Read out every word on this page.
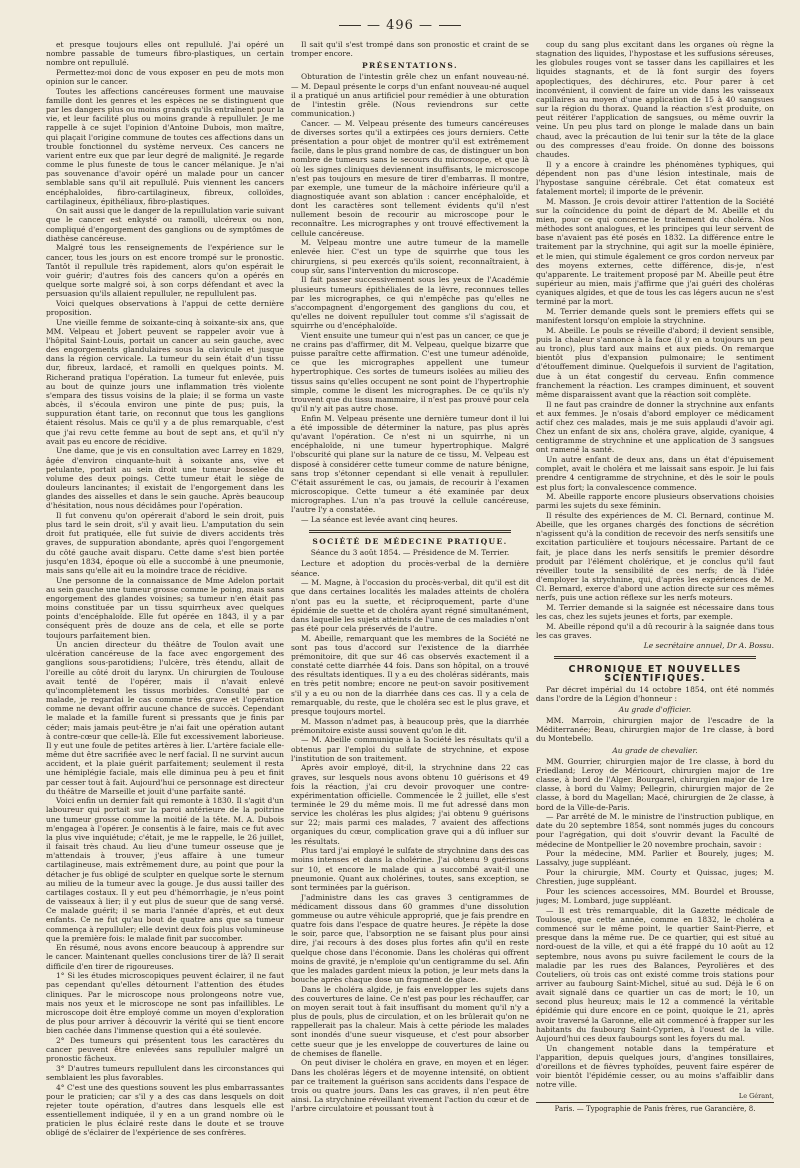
— 496 —

et presque toujours elles ont repullulé. J'ai opéré un nombre passable de tumeurs fibro-plastiques, un certain nombre ont repullulé.

Permettez-moi donc de vous exposer en peu de mots mon opinion sur le cancer.

Toutes les affections cancéreuses forment une mauvaise famille dont les genres et les espèces ne se distinguent que par les dangers plus ou moins grands qu'ils entraînent pour la vie, et leur facilité plus ou moins grande à repulluler. Je me rappelle à ce sujet l'opinion d'Antoine Dubois, mon maître, qui plaçait l'origine commune de toutes ces affections dans un trouble fonctionnel du système nerveux. Ces cancers ne varient entre eux que par leur degré de malignité. Je regarde comme le plus funeste de tous le cancer mélanique. Je n'ai pas souvenance d'avoir opéré un malade pour un cancer semblable sans qu'il ait repullulé. Puis viennent les cancers encéphaloïdes, fibro-cartilagineux, fibreux, colloïdes, cartilagineux, épithéliaux, fibro-plastiques.

On sait aussi que le danger de la repullulation varie suivant que le cancer est enkysté ou ramolli, ulcéreux ou non, compliqué d'engorgement des ganglions ou de symptômes de diathèse cancéreuse.

Malgré tous les renseignements de l'expérience sur le cancer, tous les jours on est encore trompé sur le pronostic. Tantôt il repullule très rapidement, alors qu'on espérait le voir guérir; d'autres fois des cancers qu'on a opérés en quelque sorte malgré soi, à son corps défendant et avec la persuasion qu'ils allaient repulluler, ne repullulent pas.

Voici quelques observations à l'appui de cette dernière proposition.

Une vieille femme de soixante-cinq à soixante-six ans, que MM. Velpeau et Jobert peuvent se rappeler avoir vue à l'hôpital Saint-Louis, portait un cancer au sein gauche, avec des engorgements glandulaires sous la clavicule et jusque dans la région cervicale. La tumeur du sein était d'un tissu dur, fibreux, lardacé, et ramolli en quelques points. M. Richerand pratiqua l'opération. La tumeur fut enlevée, puis au bout de quinze jours une inflammation très violente s'empara des tissus voisins de la plaie; il se forma un vaste abcès, il s'écoula environ une pinte de pus; puis, la suppuration étant tarie, on reconnut que tous les ganglions étaient résolus. Mais ce qu'il y a de plus remarquable, c'est que j'ai revu cette femme au bout de sept ans, et qu'il n'y avait pas eu encore de récidive.

Une dame, que je vis en consultation avec Larrey en 1829, âgée d'environ cinquante-huit à soixante ans, vive et petulante, portait au sein droit une tumeur bosselée du volume des deux poings. Cette tumeur était le siège de douleurs lancinantes; il existait de l'engorgement dans les glandes des aisselles et dans le sein gauche. Après beaucoup d'hésitation, nous nous décidâmes pour l'opération.

Il fut convenu qu'on opérerait d'abord le sein droit, puis plus tard le sein droit, s'il y avait lieu. L'amputation du sein droit fut pratiquée, elle fut suivie de divers accidents très graves, de suppuration abondante, après quoi l'engorgement du côté gauche avait disparu. Cette dame s'est bien portée jusqu'en 1834, époque où elle a succombé à une pneumonie, mais sans qu'elle ait eu la moindre trace de récidive.

Une personne de la connaissance de Mme Adelon portait au sein gauche une tumeur grosse comme le poing, mais sans engorgement des glandes voisines; sa tumeur n'en était pas moins constituée par un tissu squirrheux avec quelques points d'encéphaloïde. Elle fut opérée en 1843, il y a par conséquent près de douze ans de cela, et elle se porte toujours parfaitement bien.

Un ancien directeur du théâtre de Toulon avait une ulcération cancéreuse de la face avec engorgement des ganglions sous-parotidiens; l'ulcère, très étendu, allait de l'oreille au côté droit du larynx. Un chirurgien de Toulouse avait tenté de l'opérer, mais il n'avait enlevé qu'incomplètement les tissus morbides. Consulté par ce malade, je regardai le cas comme très grave et l'opération comme ne devant offrir aucune chance de succès. Cependant le malade et la famille furent si pressants que je finis par céder; mais jamais peut-être je n'ai fait une opération autant à contre-cœur que celle-là. Elle fut excessivement laborieuse. Il y eut une foule de petites artères à lier. L'artère faciale elle-même dut être sacrifiée avec le nerf facial. Il ne survint aucun accident, et la plaie guérit parfaitement; seulement il resta une hémiplégie faciale, mais elle diminua peu à peu et finit par cesser tout à fait. Aujourd'hui ce personnage est directeur du théâtre de Marseille et jouit d'une parfaite santé.

Voici enfin un dernier fait qui remonte à 1830. Il s'agit d'un laboureur qui portait sur la paroi antérieure de la poitrine une tumeur grosse comme la moitié de la tête. M. A. Dubois m'engagea à l'opérer. Je consentis à le faire, mais ce fut avec la plus vive inquiétude; c'était, je me le rappelle, le 26 juillet, il faisait très chaud. Au lieu d'une tumeur osseuse que je m'attendais à trouver, j'eus affaire à une tumeur cartilagineuse, mais extrêmement dure, au point que pour la détacher je fus obligé de sculpter en quelque sorte le sternum au milieu de la tumeur avec la gouge. Je dus aussi tailler des cartilages costaux. Il y eut peu d'hémorrhagie, je n'eus point de vaisseaux à lier; il y eut plus de sueur que de sang versé. Ce malade guérit; il se maria l'année d'après, et eut deux enfants. Ce ne fut qu'au bout de quatre ans que sa tumeur commença à repulluler; elle devint deux fois plus volumineuse que la première fois: le malade finit par succomber.

En résumé, nous avons encore beaucoup à apprendre sur le cancer. Maintenant quelles conclusions tirer de là? Il serait difficile d'en tirer de rigoureuses.

1° Si les études microscopiques peuvent éclairer, il ne faut pas cependant qu'elles détournent l'attention des études cliniques. Par le microscope nous prolongeons notre vue, mais nos yeux et le microscope ne sont pas infaillibles. Le microscope doit être employé comme un moyen d'exploration de plus pour arriver à découvrir la vérité qui se tient encore bien cachée dans l'immense question qui a été soulevée.

2° Des tumeurs qui présentent tous les caractères du cancer peuvent être enlevées sans repulluler malgré un pronostic fâcheux.

3° D'autres tumeurs repullulent dans les circonstances qui semblaient les plus favorables.

4° C'est une des questions souvent les plus embarrassantes pour le praticien; car s'il y a des cas dans lesquels on doit rejeter toute opération, d'autres dans lesquels elle est essentiellement indiquée, il y en a un grand nombre où le praticien le plus éclairé reste dans le doute et se trouve obligé de s'éclairer de l'expérience de ses confrères.

Il sait qu'il s'est trompé dans son pronostic et craint de se tromper encore.

PRÉSENTATIONS.

Obturation de l'intestin grêle chez un enfant nouveau-né. — M. Depaul présente le corps d'un enfant nouveau-né auquel il a pratiqué un anus artificiel pour remédier à une obturation de l'intestin grêle. (Nous reviendrons sur cette communication.)

Cancer. — M. Velpeau présente des tumeurs cancéreuses de diverses sortes qu'il a extirpées ces jours derniers. Cette présentation a pour objet de montrer qu'il est extrêmement facile, dans le plus grand nombre de cas, de distinguer un bon nombre de tumeurs sans le secours du microscope, et que là où les signes cliniques deviennent insuffisants, le microscope n'est pas toujours en mesure de tirer d'embarras. Il montre, par exemple, une tumeur de la mâchoire inférieure qu'il a diagnostiquée avant son ablation : cancer encéphaloïde, et dont les caractères sont tellement évidents qu'il n'est nullement besoin de recourir au microscope pour le reconnaître. Les micrographes y ont trouvé effectivement la cellule cancéreuse.

M. Velpeau montre une autre tumeur de la mamelle enlevée hier. C'est un type de squirrhe que tous les chirurgiens, si peu exercés qu'ils soient, reconnaîtraient, à coup sûr, sans l'intervention du microscope.

Il fait passer successivement sous les yeux de l'Académie plusieurs tumeurs épithéliales de la lèvre, reconnues telles par les micrographes, ce qui n'empêche pas qu'elles ne s'accompagnent d'engorgement des ganglions du cou, et qu'elles ne doivent repulluler tout comme s'il s'agissait de squirrhe ou d'encéphaloïde.

Vient ensuite une tumeur qui n'est pas un cancer, ce que je ne crains pas d'affirmer, dit M. Velpeau, quelque bizarre que puisse paraître cette affirmation. C'est une tumeur adénoïde, ce que les micrographes appellent une tumeur hypertrophique. Ces sortes de tumeurs isolées au milieu des tissus sains qu'elles occupent ne sont point de l'hypertrophie simple, comme le disent les micrographes. De ce qu'ils n'y trouvent que du tissu mammaire, il n'est pas prouvé pour cela qu'il n'y ait pas autre chose.

Enfin M. Velpeau présente une dernière tumeur dont il lui a été impossible de déterminer la nature, pas plus après qu'avant l'opération. Ce n'est ni un squirrhe, ni un encéphaloïde, ni une tumeur hypertrophique. Malgré l'obscurité qui plane sur la nature de ce tissu, M. Velpeau est disposé à considérer cette tumeur comme de nature bénigne, sans trop s'étonner cependant si elle venait à repulluler. C'était assurément le cas, ou jamais, de recourir à l'examen microscopique. Cette tumeur a été examinée par deux micrographes. L'un n'a pas trouvé la cellule cancéreuse, l'autre l'y a constatée.

— La séance est levée avant cinq heures.

SOCIÉTÉ DE MÉDECINE PRATIQUE.

Séance du 3 août 1854. — Présidence de M. Terrier.

Lecture et adoption du procès-verbal de la dernière séance.

— M. Magne, à l'occasion du procès-verbal, dit qu'il est dit que dans certaines localités les malades atteints de choléra n'ont pas eu la suette, et réciproquement, parte d'une épidémie de suette et de choléra ayant régné simultanément, dans laquelle les sujets atteints de l'une de ces maladies n'ont pas été pour cela préservés de l'autre.

M. Abeille, remarquant que les membres de la Société ne sont pas tous d'accord sur l'existence de la diarrhée prémonitoire, dit que sur 46 cas observés exactement il a constaté cette diarrhée 44 fois. Dans son hôpital, on a trouvé des résultats identiques. Il y a eu des choléras sidérants, mais en très petit nombre; encore ne peut-on savoir positivement s'il y a eu ou non de la diarrhée dans ces cas. Il y a cela de remarquable, du reste, que le choléra sec est le plus grave, et presque toujours mortel.

M. Masson n'admet pas, à beaucoup près, que la diarrhée prémonitoire existe aussi souvent qu'on le dit.

— M. Abeille communique à la Société les résultats qu'il a obtenus par l'emploi du sulfate de strychnine, et expose l'institution de son traitement.

Après avoir employé, dit-il, la strychnine dans 22 cas graves, sur lesquels nous avons obtenu 10 guérisons et 49 fois la réaction, j'ai cru devoir provoquer une contre-expérimentation officielle. Commencée le 2 juillet, elle s'est terminée le 29 du même mois. Il me fut adressé dans mon service les choléras les plus algides; j'ai obtenu 9 guérisons sur 22; mais parmi ces malades, 7 avaient des affections organiques du cœur, complication grave qui a dû influer sur les résultats.

Plus tard j'ai employé le sulfate de strychnine dans des cas moins intenses et dans la cholérine. J'ai obtenu 9 guérisons sur 10, et encore le malade qui a succombé avait-il une pneumonie. Quant aux cholérines, toutes, sans exception, se sont terminées par la guérison.

J'administre dans les cas graves 3 centigrammes de médicament dissous dans 60 grammes d'une dissolution gommeuse ou autre véhicule approprié, que je fais prendre en quatre fois dans l'espace de quatre heures. Je répète la dose le soir, parce que, l'absorption ne se faisant plus pour ainsi dire, j'ai recours à des doses plus fortes afin qu'il en reste quelque chose dans l'économie. Dans les choléras qui offrent moins de gravité, je n'emploie qu'un centigramme du sel. Afin que les malades gardent mieux la potion, je leur mets dans la bouche après chaque dose un fragment de glace.

Dans le choléra algide, je fais envelopper les sujets dans des couvertures de laine. Ce n'est pas pour les réchauffer, car on moyen serait tout à fait insuffisant du moment qu'il n'y a plus de pouls, plus de circulation, et on les brûlerait qu'on ne rappellerait pas la chaleur. Mais à cette période les malades sont inondés d'une sueur visqueuse, et c'est pour absorber cette sueur que je les enveloppe de couvertures de laine ou de chemises de flanelle.

On peut diviser le choléra en grave, en moyen et en léger. Dans les choléras légers et de moyenne intensité, on obtient par ce traitement la guérison sans accidents dans l'espace de trois ou quatre jours. Dans les cas graves, il n'en peut être ainsi. La strychnine réveillant vivement l'action du cœur et de l'arbre circulatoire et poussant tout à

coup du sang plus excitant dans les organes où règne la stagnation des liquides, l'hypostase et les suffusions séreuses, les globules rouges vont se tasser dans les capillaires et les liquides stagnants, et de là font surgir des foyers apoplectiques, des déchirures, etc. Pour parer à cet inconvénient, il convient de faire un vide dans les vaisseaux capillaires au moyen d'une application de 15 à 40 sangsues sur la région du thorax. Quand la réaction s'est produite, on peut réitérer l'application de sangsues, ou même ouvrir la veine. Un peu plus tard on plonge le malade dans un bain chaud, avec la précaution de lui tenir sur la tête de la glace ou des compresses d'eau froide. On donne des boissons chaudes.

Il y a encore à craindre les phénomènes typhiques, qui dépendent non pas d'une lésion intestinale, mais de l'hypostase sanguine cérébrale. Cet état comateux est fatalement mortel; il importe de le prévenir.

M. Masson. Je crois devoir attirer l'attention de la Société sur la coïncidence du point de départ de M. Abeille et du mien, pour ce qui concerne le traitement du choléra. Nos méthodes sont analogues, et les principes qui leur servent de base n'avaient pas été posés en 1832. La différence entre le traitement par la strychnine, qui agit sur la moelle épinière, et le mien, qui stimule également ce gros cordon nerveux par des moyens externes, cette différence, dis-je, n'est qu'apparente. Le traitement proposé par M. Abeille peut être supérieur au mien, mais j'affirme que j'ai guéri des choléras cyaniques algides, et que de tous les cas légers aucun ne s'est terminé par la mort.

M. Terrier demande quels sont le premiers effets qui se manifestent lorsqu'on emploie la strychnine.

M. Abeille. Le pouls se réveille d'abord; il devient sensible, puis la chaleur s'annonce à la face (il y en a toujours un peu au tronc), plus tard aux mains et aux pieds. On remarque bientôt plus d'expansion pulmonaire; le sentiment d'étouffement diminue. Quelquefois il survient de l'agitation, due à un état congestif du cerveau. Enfin commence franchement la réaction. Les crampes diminuent, et souvent même disparaissent avant que la réaction soit complète.

Il ne faut pas craindre de donner la strychnine aux enfants et aux femmes. Je n'osais d'abord employer ce médicament actif chez ces malades, mais je me suis applaudi d'avoir agi. Chez un enfant de six ans, choléra grave, algide, cyanique, 4 centigramme de strychnine et une application de 3 sangsues ont ramené la santé.

Un autre enfant de deux ans, dans un état d'épuisement complet, avait le choléra et me laissait sans espoir. Je lui fais prendre 4 centigramme de strychnine, et dès le soir le pouls est plus fort; la convalescence commence.

M. Abeille rapporte encore plusieurs observations choisies parmi les sujets du sexe féminin.

Il résulte des expériences de M. Cl. Bernard, continue M. Abeille, que les organes chargés des fonctions de sécrétion n'agissent qu'à la condition de recevoir des nerfs sensitifs une excitation particulière et toujours nécessaire. Partant de ce fait, je place dans les nerfs sensitifs le premier désordre produit par l'élément cholérique, et je conclus qu'il faut réveiller toute la sensibilité de ces nerfs; de là l'idée d'employer la strychnine, qui, d'après les expériences de M. Cl. Bernard, exerce d'abord une action directe sur ces mêmes nerfs, puis une action réflexe sur les nerfs moteurs.

M. Terrier demande si la saignée est nécessaire dans tous les cas, chez les sujets jeunes et forts, par exemple.

M. Abeille répond qu'il a dû recourir à la saignée dans tous les cas graves.

Le secrétaire annuel, Dr A. Bossu.

CHRONIQUE ET NOUVELLES SCIENTIFIQUES.

Par décret impérial du 14 octobre 1854, ont été nommés dans l'ordre de la Légion d'honneur :

Au grade d'officier.

MM. Marroin, chirurgien major de l'escadre de la Méditerranée; Beau, chirurgien major de 1re classe, à bord du Montebello.

Au grade de chevalier.

MM. Gourrier, chirurgien major de 1re classe, à bord du Friedland; Leroy de Méricourt, chirurgien major de 1re classe, à bord de l'Alger. Bourgarel, chirurgien major de 1re classe, à bord du Valmy; Pellegrin, chirurgien major de 2e classe, à bord du Magellan; Macé, chirurgien de 2e classe, à bord de la Ville-de-Paris.

— Par arrêté de M. le ministre de l'instruction publique, en date du 20 septembre 1854, sont nommés juges du concours pour l'agrégation, qui doit s'ouvrir devant la Faculté de médecine de Montpellier le 20 novembre prochain, savoir :

Pour la médecine, MM. Parlier et Bourely, juges; M. Lassalvy, juge suppléant.

Pour la chirurgie, MM. Courty et Quissac, juges; M. Chrestien, juge suppléant.

Pour les sciences accessoires, MM. Bourdel et Brousse, juges; M. Lombard, juge suppléant.

— Il est très remarquable, dit la Gazette médicale de Toulouse, que cette année, comme en 1832, le choléra a commencé sur le même point, le quartier Saint-Pierre, et presque dans la même rue. De ce quartier, qui est situé au nord-ouest de la ville, et qui a été frappé du 10 août au 12 septembre, nous avons pu suivre facilement le cours de la maladie par les rues des Balances, Peyrolières et des Couteliers, où trois cas ont existé comme trois stations pour arriver au faubourg Saint-Michel, situé au sud. Déjà le 6 on avait signalé dans ce quartier un cas de mort; le 10, un second plus heureux; mais le 12 a commencé la véritable épidémie qui dure encore en ce point, quoique le 21, après avoir traversé la Garonne, elle ait commencé à frapper sur les habitants du faubourg Saint-Cyprien, à l'ouest de la ville. Aujourd'hui ces deux faubourgs sont les foyers du mal.

Un changement notable dans la température et l'apparition, depuis quelques jours, d'angines tonsillaires, d'oreillons et de fièvres typhoïdes, peuvent faire espérer de voir bientôt l'épidémie cesser, ou au moins s'affaiblir dans notre ville.

Le Gérant,

Paris. — Typographie de Panis frères, rue Garancière, 8.
